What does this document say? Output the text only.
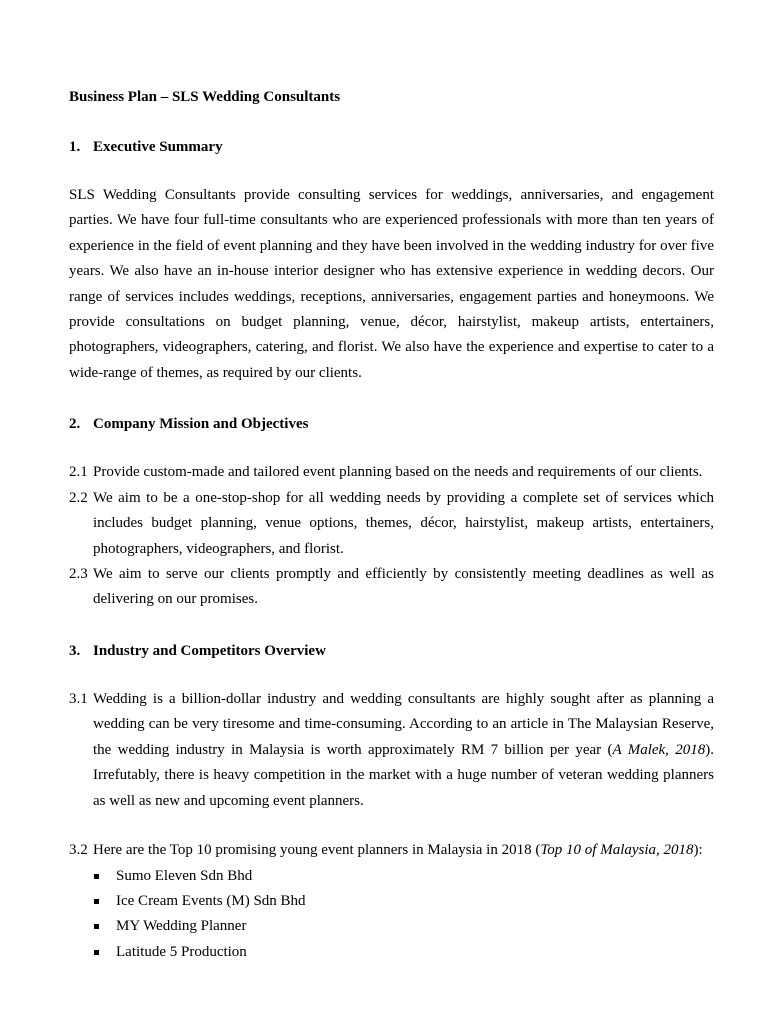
Business Plan – SLS Wedding Consultants

1. Executive Summary

SLS Wedding Consultants provide consulting services for weddings, anniversaries, and engagement parties. We have four full-time consultants who are experienced professionals with more than ten years of experience in the field of event planning and they have been involved in the wedding industry for over five years. We also have an in-house interior designer who has extensive experience in wedding decors. Our range of services includes weddings, receptions, anniversaries, engagement parties and honeymoons. We provide consultations on budget planning, venue, décor, hairstylist, makeup artists, entertainers, photographers, videographers, catering, and florist. We also have the experience and expertise to cater to a wide-range of themes, as required by our clients.

2. Company Mission and Objectives

2.1 Provide custom-made and tailored event planning based on the needs and requirements of our clients.

2.2 We aim to be a one-stop-shop for all wedding needs by providing a complete set of services which includes budget planning, venue options, themes, décor, hairstylist, makeup artists, entertainers, photographers, videographers, and florist.

2.3 We aim to serve our clients promptly and efficiently by consistently meeting deadlines as well as delivering on our promises.

3. Industry and Competitors Overview

3.1 Wedding is a billion-dollar industry and wedding consultants are highly sought after as planning a wedding can be very tiresome and time-consuming. According to an article in The Malaysian Reserve, the wedding industry in Malaysia is worth approximately RM 7 billion per year (A Malek, 2018). Irrefutably, there is heavy competition in the market with a huge number of veteran wedding planners as well as new and upcoming event planners.

3.2 Here are the Top 10 promising young event planners in Malaysia in 2018 (Top 10 of Malaysia, 2018):

Sumo Eleven Sdn Bhd
Ice Cream Events (M) Sdn Bhd
MY Wedding Planner
Latitude 5 Production
